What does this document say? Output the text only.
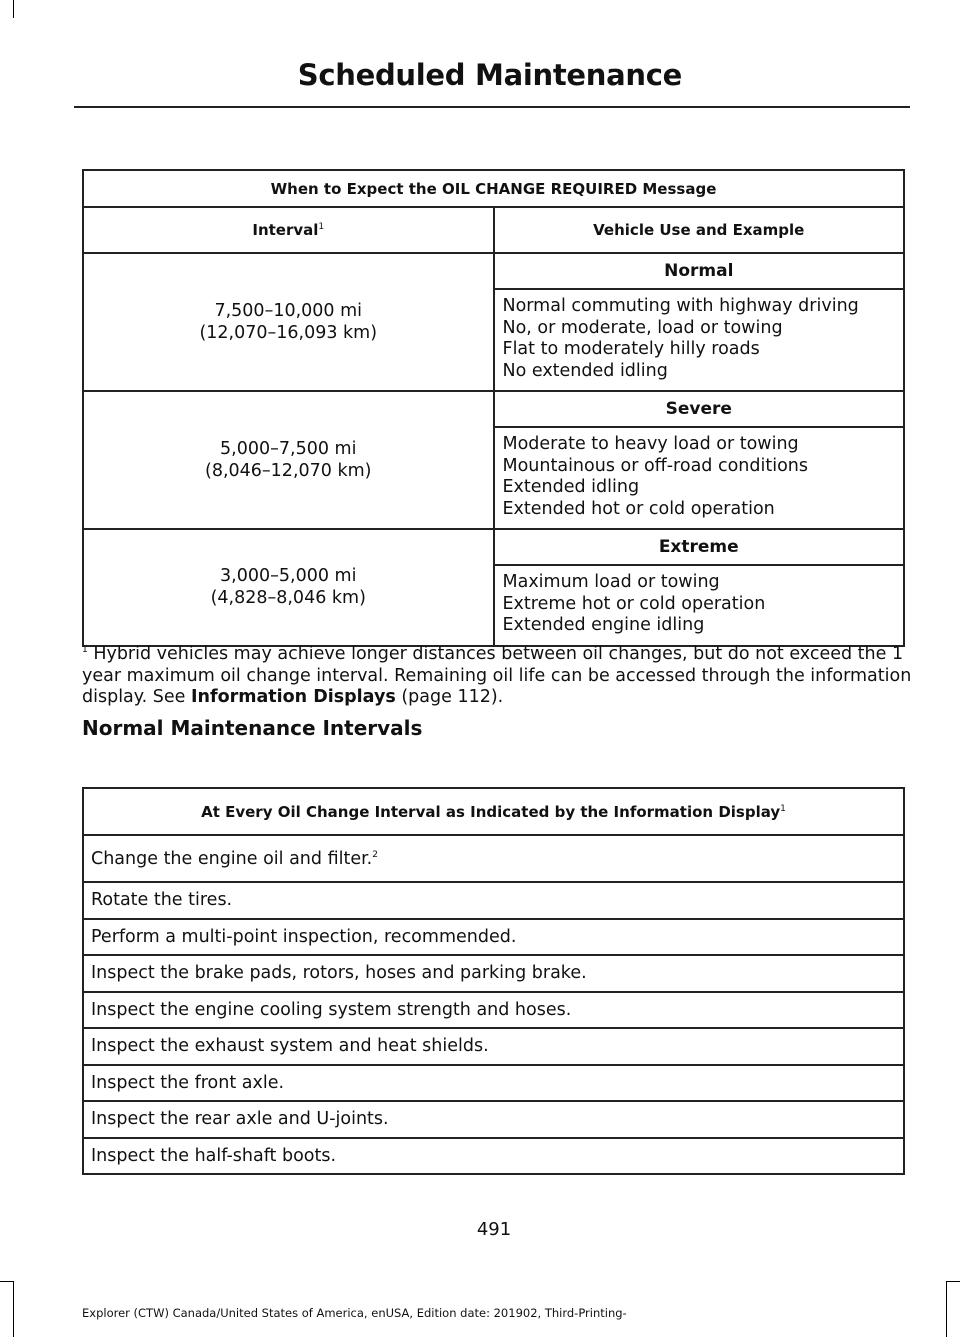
Scheduled Maintenance
When to Expect the OIL CHANGE REQUIRED Message	
Interval$^1$	Vehicle Use and Example

7,500–10,000 mi
(12,070–16,093 km)	Normal

	Normal commuting with highway driving
No, or moderate, load or towing
Flat to moderately hilly roads
No extended idling

5,000–7,500 mi
(8,046–12,070 km)	Severe

	Moderate to heavy load or towing
Mountainous or off-road conditions
Extended idling
Extended hot or cold operation

3,000–5,000 mi
(4,828–8,046 km)	Extreme

	Maximum load or towing
Extreme hot or cold operation
Extended engine idling
$^1$ Hybrid vehicles may achieve longer distances between oil changes, but do not exceed the 1 year maximum oil change interval. Remaining oil life can be accessed through the information display. See Information Displays (page 112).
Normal Maintenance Intervals
At Every Oil Change Interval as Indicated by the Information Display$^1$
Change the engine oil and filter.$^2$
Rotate the tires.
Perform a multi-point inspection, recommended.
Inspect the brake pads, rotors, hoses and parking brake.
Inspect the engine cooling system strength and hoses.
Inspect the exhaust system and heat shields.
Inspect the front axle.
Inspect the rear axle and U-joints.
Inspect the half-shaft boots.
491
Explorer (CTW) Canada/United States of America, enUSA, Edition date: 201902, Third-Printing-
